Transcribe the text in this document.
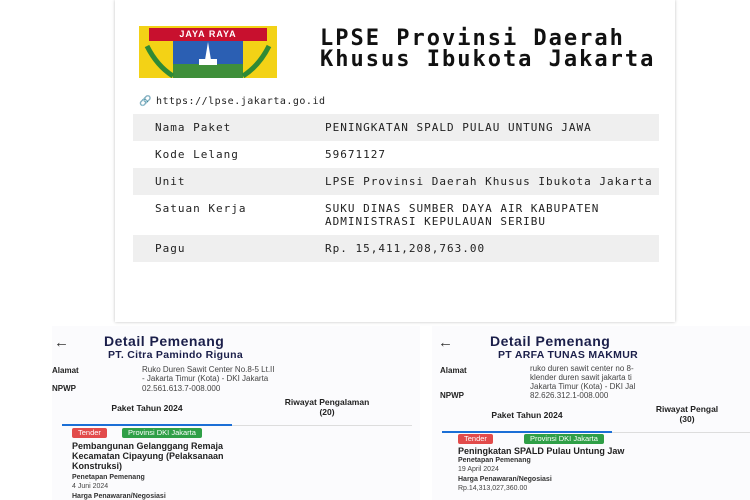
JAYA RAYA	LPSE Provinsi Daerah Khusus Ibukota Jakarta
🔗 https://lpse.jakarta.go.id
Nama Paket	PENINGKATAN SPALD PULAU UNTUNG JAWA
Kode Lelang	59671127
Unit	LPSE Provinsi Daerah Khusus Ibukota Jakarta
Satuan Kerja	SUKU DINAS SUMBER DAYA AIR KABUPATEN ADMINISTRASI KEPULAUAN SERIBU
Pagu	Rp. 15,411,208,763.00
←	Detail Pemenang
PT. Citra Pamindo Riguna
Alamat	Ruko Duren Sawit Center No.8-5 Lt.II
- Jakarta Timur (Kota) - DKI Jakarta
NPWP	02.561.613.7-008.000
Paket Tahun 2024
Riwayat Pengalaman
(20)
Tender	Provinsi DKI Jakarta
Pembangunan Gelanggang Remaja
Kecamatan Cipayung (Pelaksanaan
Konstruksi)
Penetapan Pemenang
4 Juni 2024
Harga Penawaran/Negosiasi
←	Detail Pemenang
PT ARFA TUNAS MAKMUR
Alamat	ruko duren sawit center no 8-
klender duren sawit jakarta ti
Jakarta Timur (Kota) - DKI Jal
NPWP	82.626.312.1-008.000
Paket Tahun 2024
Riwayat Pengal
(30)
Tender	Provinsi DKI Jakarta
Peningkatan SPALD Pulau Untung Jaw
Penetapan Pemenang
19 April 2024
Harga Penawaran/Negosiasi
Rp.14,313,027,360.00
